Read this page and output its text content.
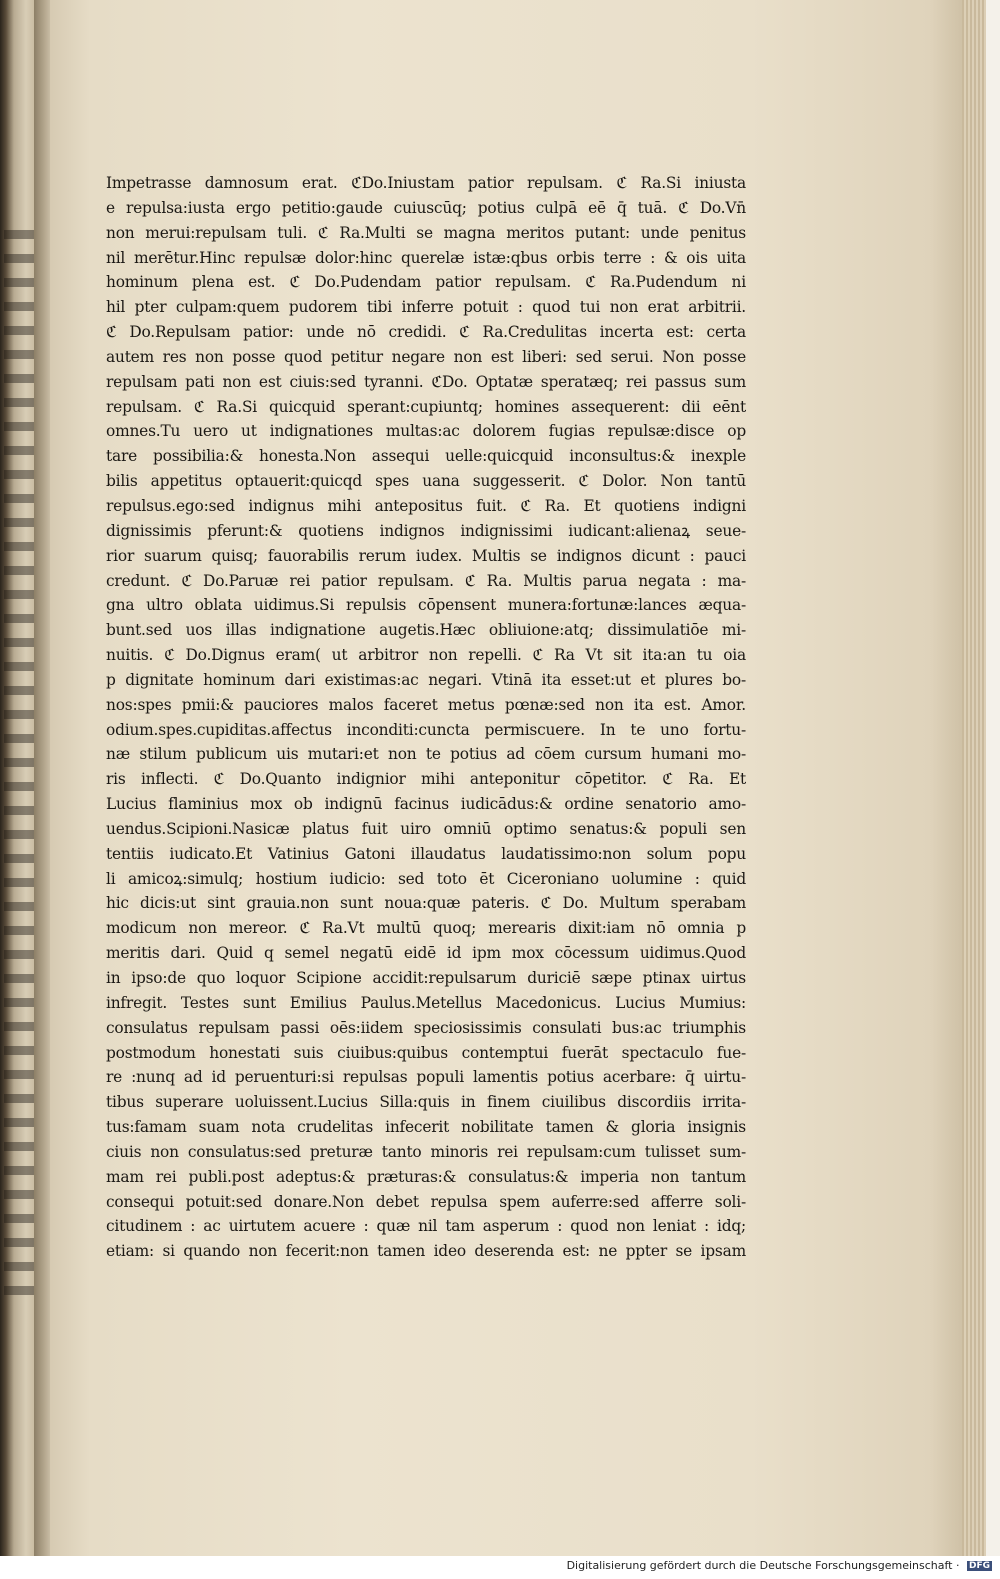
Impetrasse damnosum erat. ℭDo.Iniustam patior repulsam. ℭ Ra.Si iniusta
e repulsa:iusta ergo petitio:gaude cuiuscūq; potius culpā eē q̄ tuā. ℭ Do.Vn̄
non merui:repulsam tuli. ℭ Ra.Multi se magna meritos putant: unde penitus
nil merētur.Hinc repulsæ dolor:hinc querelæ istæ:qbus orbis terre : & ois uita
hominum plena est. ℭ Do.Pudendam patior repulsam. ℭ Ra.Pudendum ni
hil pter culpam:quem pudorem tibi inferre potuit : quod tui non erat arbitrii.
ℭ Do.Repulsam patior: unde nō credidi. ℭ Ra.Credulitas incerta est: certa
autem res non posse quod petitur negare non est liberi: sed serui. Non posse
repulsam pati non est ciuis:sed tyranni. ℭDo. Optatæ speratæq; rei passus sum
repulsam. ℭ Ra.Si quicquid sperant:cupiuntq; homines assequerent: dii eēnt
omnes.Tu uero ut indignationes multas:ac dolorem fugias repulsæ:disce op
tare possibilia:& honesta.Non assequi uelle:quicquid inconsultus:& inexple
bilis appetitus optauerit:quicqd spes uana suggesserit. ℭ Dolor. Non tantū
repulsus.ego:sed indignus mihi antepositus fuit. ℭ Ra. Et quotiens indigni
dignissimis pferunt:& quotiens indignos indignissimi iudicant:alienaꝝ seue-
rior suarum quisq; fauorabilis rerum iudex. Multis se indignos dicunt : pauci
credunt. ℭ Do.Paruæ rei patior repulsam. ℭ Ra. Multis parua negata : ma-
gna ultro oblata uidimus.Si repulsis cōpensent munera:fortunæ:lances æqua-
bunt.sed uos illas indignatione augetis.Hæc obliuione:atq; dissimulatiōe mi-
nuitis. ℭ Do.Dignus eram( ut arbitror non repelli. ℭ Ra Vt sit ita:an tu oia
p dignitate hominum dari existimas:ac negari. Vtinā ita esset:ut et plures bo-
nos:spes pmii:& pauciores malos faceret metus pœnæ:sed non ita est. Amor.
odium.spes.cupiditas.affectus inconditi:cuncta permiscuere. In te uno fortu-
næ stilum publicum uis mutari:et non te potius ad cōem cursum humani mo-
ris inflecti. ℭ Do.Quanto indignior mihi anteponitur cōpetitor. ℭ Ra. Et
Lucius flaminius mox ob indignū facinus iudicādus:& ordine senatorio amo-
uendus.Scipioni.Nasicæ platus fuit uiro omniū optimo senatus:& populi sen
tentiis iudicato.Et Vatinius Gatoni illaudatus laudatissimo:non solum popu
li amicoꝝ:simulq; hostium iudicio: sed toto ēt Ciceroniano uolumine : quid
hic dicis:ut sint grauia.non sunt noua:quæ pateris. ℭ Do. Multum sperabam
modicum non mereor. ℭ Ra.Vt multū quoq; merearis dixit:iam nō omnia p
meritis dari. Quid q semel negatū eidē id ipm mox cōcessum uidimus.Quod
in ipso:de quo loquor Scipione accidit:repulsarum duriciē sæpe ptinax uirtus
infregit. Testes sunt Emilius Paulus.Metellus Macedonicus. Lucius Mumius:
consulatus repulsam passi oēs:iidem speciosissimis consulati bus:ac triumphis
postmodum honestati suis ciuibus:quibus contemptui fuerāt spectaculo fue-
re :nunq ad id peruenturi:si repulsas populi lamentis potius acerbare: q̄ uirtu-
tibus superare uoluissent.Lucius Silla:quis in finem ciuilibus discordiis irrita-
tus:famam suam nota crudelitas infecerit nobilitate tamen & gloria insignis
ciuis non consulatus:sed preturæ tanto minoris rei repulsam:cum tulisset sum-
mam rei publi.post adeptus:& præturas:& consulatus:& imperia non tantum
consequi potuit:sed donare.Non debet repulsa spem auferre:sed afferre soli-
citudinem : ac uirtutem acuere : quæ nil tam asperum : quod non leniat : idq;
etiam: si quando non fecerit:non tamen ideo deserenda est: ne ppter se ipsam
Digitalisierung gefördert durch die Deutsche Forschungsgemeinschaft · DFG
